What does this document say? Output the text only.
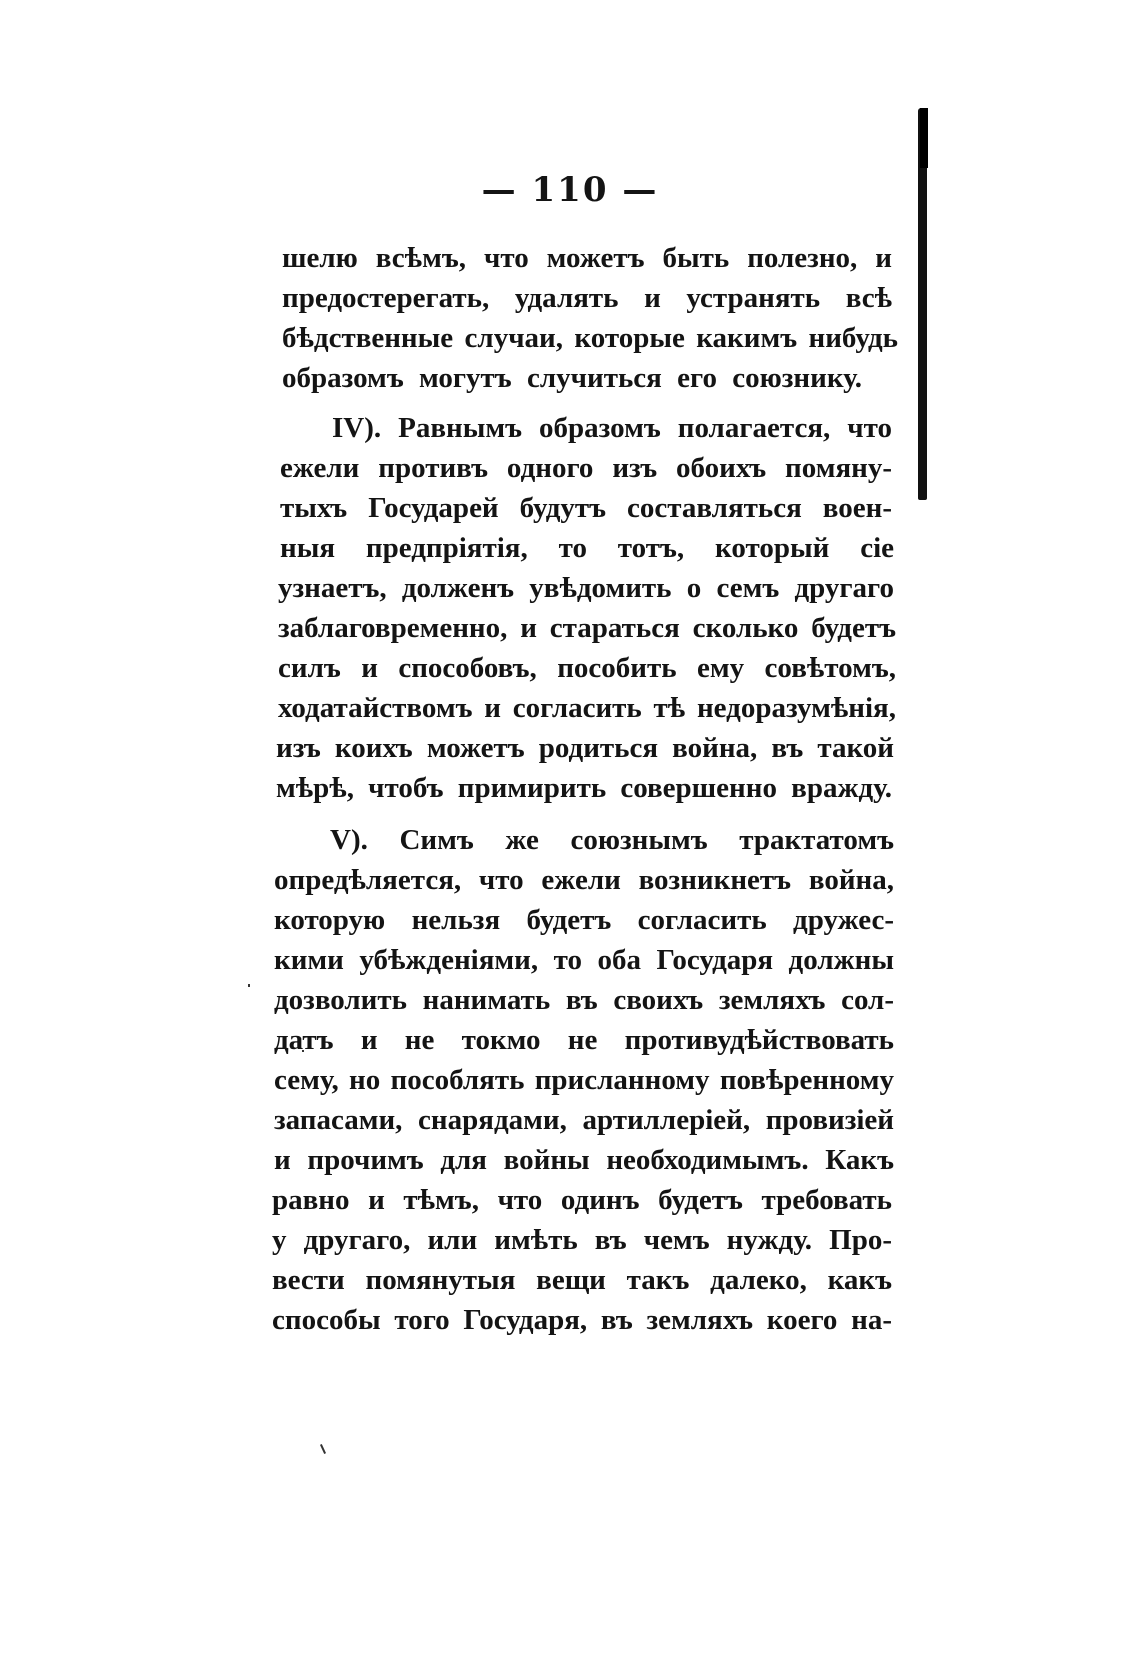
— 110 —
шелю всѣмъ, что можетъ быть полезно, и
предостерегать, удалять и устранять всѣ
бѣдственные случаи, которые какимъ нибудь
образомъ могутъ случиться его союзнику.
IV). Равнымъ образомъ полагается, что
ежели противъ одного изъ обоихъ помяну-
тыхъ Государей будутъ составляться воен-
ныя предпріятія, то тотъ, который сіе
узнаетъ, долженъ увѣдомить о семъ другаго
заблаговременно, и стараться сколько будетъ
силъ и способовъ, пособить ему совѣтомъ,
ходатайствомъ и согласить тѣ недоразумѣнія,
изъ коихъ можетъ родиться война, въ такой
мѣрѣ, чтобъ примирить совершенно вражду.
V). Симъ же союзнымъ трактатомъ
опредѣляется, что ежели возникнетъ война,
которую нельзя будетъ согласить дружес-
кими убѣжденіями, то оба Государя должны
дозволить нанимать въ своихъ земляхъ сол-
датъ и не токмо не противудѣйствовать
сему, но пособлять присланному повѣренному
запасами, снарядами, артиллеріей, провизіей
и прочимъ для войны необходимымъ. Какъ
равно и тѣмъ, что одинъ будетъ требовать
у другаго, или имѣть въ чемъ нужду. Про-
вести помянутыя вещи такъ далеко, какъ
способы того Государя, въ земляхъ коего на-
